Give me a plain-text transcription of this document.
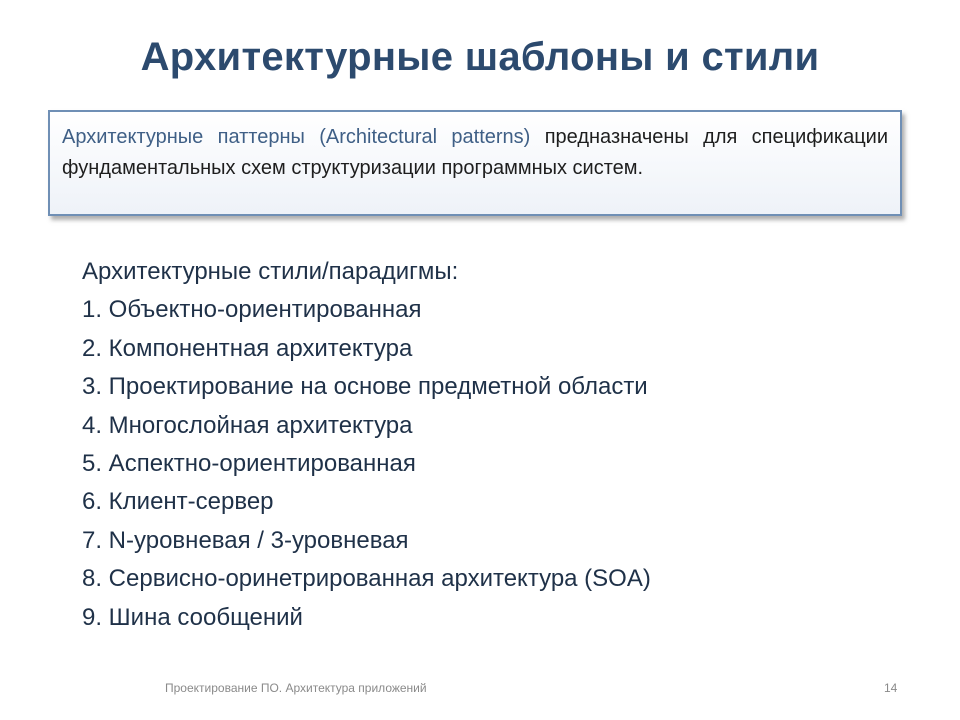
Архитектурные шаблоны и стили
Архитектурные паттерны (Architectural patterns) предназначены для спецификации фундаментальных схем структуризации программных систем.
Архитектурные стили/парадигмы:
1. Объектно-ориентированная
2. Компонентная архитектура
3. Проектирование на основе предметной области
4. Многослойная архитектура
5. Аспектно-ориентированная
6. Клиент-сервер
7. N-уровневая / 3-уровневая
8. Сервисно-оринетрированная архитектура (SOA)
9. Шина сообщений
Проектирование ПО. Архитектура приложений	14
